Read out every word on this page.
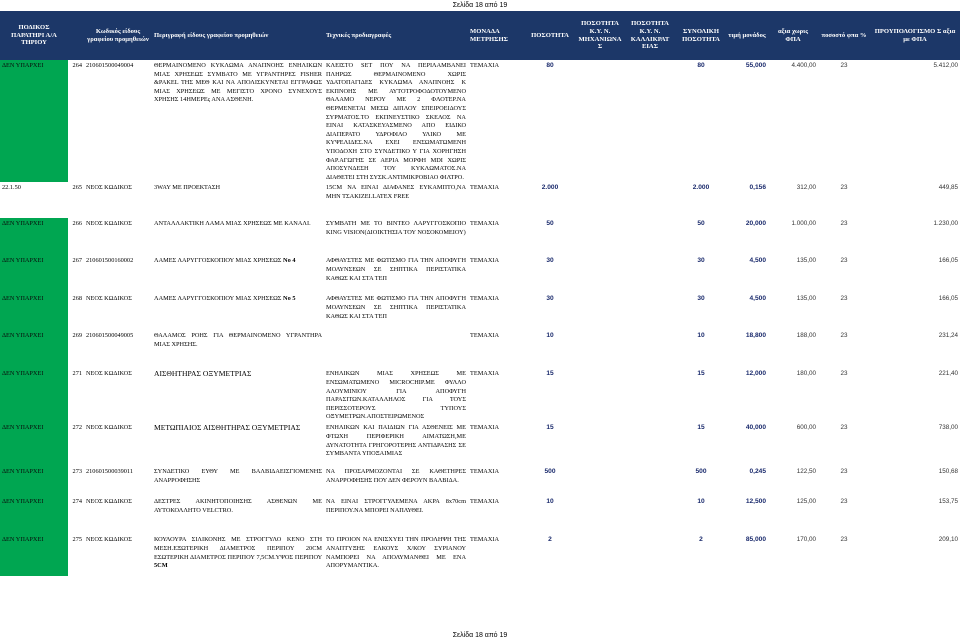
Σελίδα 18 από 19
ΠΟΔΙΚΟΣ ΠΑΡΑΤΗΡΙ Α/Α ΤΗΡΙΟΥ		Κωδικός είδους γραφείου προμηθειών	Περιγραφή είδους γραφείου προμηθειών	Τεχνικές προδιαγραφές	ΜΟΝΑΔΑ ΜΕΤΡΗΣΗΣ	ΠΟΣΟΤΗΤΑ	ΠΟΣΟΤΗΤΑ Κ.Υ. Ν. ΜΗΧΑΝΙΩΝΑ Σ	ΠΟΣΟΤΗΤΑ Κ.Υ. Ν. ΚΑΛΛΙΚΡΑΤ ΕΙΑΣ	ΣΥΝΟΛΙΚΗ ΠΟΣΟΤΗΤΑ	τιμή μονάδος	αξια χωρις ΦΠΑ	ποσοστό φπα %	ΠΡΟΥΠΟΛΟΓΙΣΜΟ Σ αξια με ΦΠΑ
ΔΕΝ ΥΠΑΡΧΕΙ	264	210601500049004	ΘΕΡΜΑΙΝΟΜΕΝΟ ΚΥΚΛΩΜΑ ΑΝΑΠΝΟΗΣ ΕΝΗΛΙΚΩΝ ΜΙΑΣ ΧΡΗΣΕΩΣ ΣΥΜΒΑΤΟ ΜΕ ΥΓΡΑΝΤΗΡΕΣ FISHER &PAKEL ΤΗΣ ΜΕΘ ΚΑΙ ΝΑ ΑΠΟΛΙΣΚΥΝΕΤΑΙ ΕΓΓΡΑΦΩΣ ΜΙΑΣ ΧΡΗΣΕΩΣ ΜΕ ΜΕΓΙΣΤΟ ΧΡΟΝΟ ΣΥΝΕΧΟΥΣ ΧΡΗΣΗΣ 14ΗΜΕΡΕς ΑΝΑ ΑΣΘΕΝΗ.	ΚΛΕΙΣΤΟ SET ΠΟΥ ΝΑ ΠΕΡΙΛΑΜΒΑΝΕΙ ΠΛΗΡΩΣ ΘΕΡΜΑΙΝΟΜΕΝΟ ΧΩΡΙΣ ΥΔΑΤΟΠΑΓΙΔΕΣ ΚΥΚΛΩΜΑ ΑΝΑΠΝΟΗΣ Κ ΕΚΠΝΟΗΣ ΜΕ ΑΥΤΟΤΡΟΦΟΔΟΤΟΥΜΕΝΟ ΘΑΛΑΜΟ ΝΕΡΟΥ ΜΕ 2 ΦΛΟΤΕΡ.ΝΑ ΘΕΡΜΕΝΕΤΑΙ ΜΕΣΩ ΔΙΠΛΟΥ ΣΠΕΙΡΟΕΙΔΟΥΣ ΣΥΡΜΑΤΟΣ.ΤΟ ΕΚΠΝΕΥΣΤΙΚΟ ΣΚΕΛΟΣ ΝΑ ΕΙΝΑΙ ΚΑΤΑΣΚΕΥΑΣΜΕΝΟ ΑΠΟ ΕΙΔΙΚΟ ΔΙΑΠΕΡΑΤΟ ΥΔΡΟΦΙΛΟ ΥΛΙΚΟ ΜΕ ΚΥΨΕΛΙΔΕΣ.ΝΑ ΕΧΕΙ ΕΝΣΩΜΑΤΩΜΕΝΗ ΥΠΟΔΟΧΗ ΣΤΟ ΣΥΝΔΕΤΙΚΟ Υ ΓΙΑ ΧΟΡΗΓΗΣΗ ΦΑΡ.ΑΓΩΓΗΣ ΣΕ ΑΕΡΙΑ ΜΟΡΦΗ MDI ΧΩΡΙΣ ΑΠΟΣΥΝΔΕΣΗ ΤΟΥ ΚΥΚΛΩΜΑΤΟΣ.ΝΑ ΔΙΑΘΕΤΕΙ ΣΤΗ ΣΥΣΚ.ΑΝΤΙΜΙΚΡΟΒΙΑΟ ΦΙΛΤΡΟ.	ΤΕΜΑΧΙΑ	80			80	55,000	4.400,00	23	5.412,00
22.1.50	265	ΝΕΟΣ ΚΩΔΙΚΟΣ	3WAY ΜΕ ΠΡΟΕΚΤΑΣΗ	15CM ΝΑ ΕΙΝΑΙ ΔΙΑΦΑΝΕΣ ΕΥΚΑΜΠΤΟ,ΝΑ ΜΗΝ ΤΣΑΚΙΖΕΙ.LATEX FREE	ΤΕΜΑΧΙΑ	2.000			2.000	0,156	312,00	23	449,85
ΔΕΝ ΥΠΑΡΧΕΙ	266	ΝΕΟΣ ΚΩΔΙΚΟΣ	ΑΝΤΑΛΛΑΚΤΙΚΗ ΛΑΜΑ ΜΙΑΣ ΧΡΗΣΕΩΣ ΜΕ ΚΑΝΑΛΙ.	ΣΥΜΒΑΤΗ ΜΕ ΤΟ ΒΙΝΤΕΟ ΛΑΡΥΓΓΟΣΚΟΠΙΟ KING VISION(ΔΙΟΙΚΤΗΣΙΑ ΤΟΥ ΝΟΣΟΚΟΜΕΙΟΥ)	ΤΕΜΑΧΙΑ	50			50	20,000	1.000,00	23	1.230,00
ΔΕΝ ΥΠΑΡΧΕΙ	267	210601500160002	ΛΑΜΕΣ ΛΑΡΥΓΓΟΣΚΟΠΙΟΥ ΜΙΑΣ ΧΡΗΣΕΩΣ Νο 4	ΑΦΘΑΥΣΤΕΣ ΜΕ ΦΩΤΙΣΜΟ ΓΙΑ ΤΗΝ ΑΠΟΦΥΓΗ ΜΟΛΥΝΣΕΩΝ ΣΕ ΣΗΠΤΙΚΑ ΠΕΡΙΣΤΑΤΙΚΑ ΚΑΘΩΣ ΚΑΙ ΣΤΑ ΤΕΠ	ΤΕΜΑΧΙΑ	30			30	4,500	135,00	23	166,05
ΔΕΝ ΥΠΑΡΧΕΙ	268	ΝΕΟΣ ΚΩΔΙΚΟΣ	ΛΑΜΕΣ ΛΑΡΥΓΓΟΣΚΟΠΙΟΥ ΜΙΑΣ ΧΡΗΣΕΩΣ Νο 5	ΑΦΘΑΥΣΤΕΣ ΜΕ ΦΩΤΙΣΜΟ ΓΙΑ ΤΗΝ ΑΠΟΦΥΓΗ ΜΟΛΥΝΣΕΩΝ ΣΕ ΣΗΠΤΙΚΑ ΠΕΡΙΣΤΑΤΙΚΑ ΚΑΘΩΣ ΚΑΙ ΣΤΑ ΤΕΠ	ΤΕΜΑΧΙΑ	30			30	4,500	135,00	23	166,05
ΔΕΝ ΥΠΑΡΧΕΙ	269	210601500049005	ΘΑΛΑΜΟΣ ΡΟΗΣ ΓΙΑ ΘΕΡΜΑΙΝΟΜΕΝΟ ΥΓΡΑΝΤΗΡΑ ΜΙΑΣ ΧΡΗΣΗΣ.		ΤΕΜΑΧΙΑ	10			10	18,800	188,00	23	231,24
ΔΕΝ ΥΠΑΡΧΕΙ	271	ΝΕΟΣ ΚΩΔΙΚΟΣ	ΑΙΣΘΗΤΗΡΑΣ ΟΞΥΜΕΤΡΙΑΣ	ΕΝΗΛΙΚΩΝ ΜΙΑΣ ΧΡΗΣΕΩΣ ΜΕ ΕΝΣΩΜΑΤΩΜΕΝΟ MICROCHIP.ΜΕ ΦΥΛΛΟ ΑΛΟΥΜΙΝΙΟΥ ΓΙΑ ΑΠΟΦΥΓΗ ΠΑΡΑΣΙΤΩΝ.ΚΑΤΑΛΛΗΛΟΣ ΓΙΑ ΤΟΥΣ ΠΕΡΙΣΣΟΤΕΡΟΥΣ ΤΥΠΟΥΣ ΟΞΥΜΕΤΡΩΝ.ΑΠΟΣΤΕΙΡΩΜΕΝΟΣ	ΤΕΜΑΧΙΑ	15			15	12,000	180,00	23	221,40
ΔΕΝ ΥΠΑΡΧΕΙ	272	ΝΕΟΣ ΚΩΔΙΚΟΣ	ΜΕΤΩΠΙΑΙΟΣ ΑΙΣΘΗΤΗΡΑΣ ΟΞΥΜΕΤΡΙΑΣ	ΕΝΗΛΙΚΩΝ ΚΑΙ ΠΑΙΔΙΩΝ ΓΙΑ ΑΣΘΕΝΕΙΣ ΜΕ ΦΤΩΧΗ ΠΕΡΙΦΕΡΙΚΗ ΑΙΜΑΤΩΣΗ,ΜΕ ΔΥΝΑΤΟΤΗΤΑ ΓΡΗΓΟΡΟΤΕΡΗΣ ΑΝΤΙΔΡΑΣΗΣ ΣΕ ΣΥΜΒΑΝΤΑ ΥΠΟΞΑΙΜΙΑΣ	ΤΕΜΑΧΙΑ	15			15	40,000	600,00	23	738,00
ΔΕΝ ΥΠΑΡΧΕΙ	273	210601500039011	ΣΥΝΔΕΤΙΚΟ ΕΥΘΥ ΜΕ ΒΑΛΒΙΔΑΕΙΣΓΙΟΜΕΝΗΣ ΑΝΑΡΡΟΦΗΣΗΣ	ΝΑ ΠΡΟΣΑΡΜΟΖΟΝΤΑΙ ΣΕ ΚΑΘΕΤΗΡΕΣ ΑΝΑΡΡΟΦΗΣΗΣ ΠΟΥ ΔΕΝ ΦΕΡΟΥΝ ΒΑΛΒΙΔΑ.	ΤΕΜΑΧΙΑ	500			500	0,245	122,50	23	150,68
ΔΕΝ ΥΠΑΡΧΕΙ	274	ΝΕΟΣ ΚΩΔΙΚΟΣ	ΔΕΣΤΡΕΣ ΑΚΙΝΗΤΟΠΟΙΗΣΗΣ ΑΣΘΕΝΩΝ ΜΕ ΑΥΤΟΚΟΛΛΗΤΟ VELCTRO.	ΝΑ ΕΙΝΑΙ ΣΤΡΟΓΓΥΛΕΜΕΝΑ ΑΚΡΑ 8x70cm ΠΕΡΙΠΟΥ.ΝΑ ΜΠΟΡΕΙ ΝΑΠΛΥΘΕΙ.	ΤΕΜΑΧΙΑ	10			10	12,500	125,00	23	153,75
ΔΕΝ ΥΠΑΡΧΕΙ	275	ΝΕΟΣ ΚΩΔΙΚΟΣ	ΚΟΥΛΟΥΡΑ ΣΙΛΙΚΟΝΗΣ ΜΕ ΣΤΡΟΓΓΥΛΟ ΚΕΝΟ ΣΤΗ ΜΕΣΗ.ΕΞΩΤΕΡΙΚΗ ΔΙΑΜΕΤΡΟΣ ΠΕΡΙΠΟΥ 20CM ΕΣΩΤΕΡΙΚΗ ΔΙΑΜΕΤΡΟΣ ΠΕΡΙΠΟΥ 7,5CM.ΥΨΟΣ ΠΕΡΙΠΟΥ 5CM	ΤΟ ΠΡΟΙΟΝ ΝΑ ΕΝΙΣΧΥΕΙ ΤΗΝ ΠΡΟΛΗΨΗ ΤΗΣ ΑΝΑΠΤΥΞΗΣ ΕΛΚΟΥΣ Χ/ΚΟΥ ΣΥΡΙΑΝΟΥ ΝΑΜΠΟΡΕΙ ΝΑ ΑΠΟΛΥΜΑΝΘΕΙ ΜΕ ΕΝΑ ΑΠΟΡΥΜΑΝΤΙΚΑ.	ΤΕΜΑΧΙΑ	2			2	85,000	170,00	23	209,10
Σελίδα 18 από 19
